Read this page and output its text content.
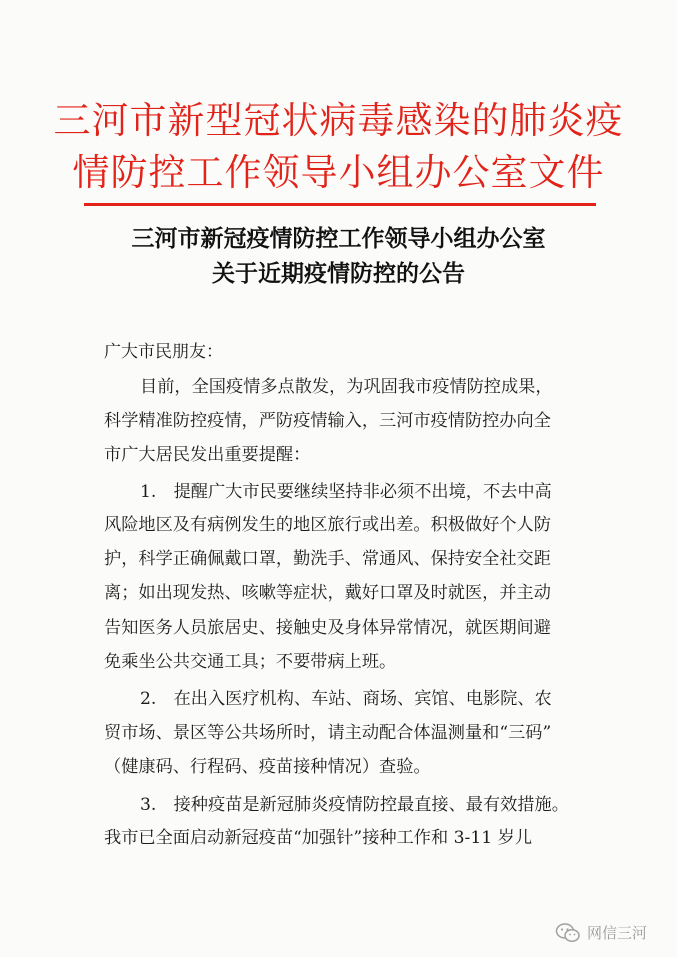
三河市新型冠状病毒感染的肺炎疫
情防控工作领导小组办公室文件
三河市新冠疫情防控工作领导小组办公室
关于近期疫情防控的公告
广大市民朋友：
目前，全国疫情多点散发，为巩固我市疫情防控成果，
科学精准防控疫情，严防疫情输入，三河市疫情防控办向全
市广大居民发出重要提醒：
1.　提醒广大市民要继续坚持非必须不出境，不去中高
风险地区及有病例发生的地区旅行或出差。积极做好个人防
护，科学正确佩戴口罩，勤洗手、常通风、保持安全社交距
离；如出现发热、咳嗽等症状，戴好口罩及时就医，并主动
告知医务人员旅居史、接触史及身体异常情况，就医期间避
免乘坐公共交通工具；不要带病上班。
2.　在出入医疗机构、车站、商场、宾馆、电影院、农
贸市场、景区等公共场所时，请主动配合体温测量和“三码”
（健康码、行程码、疫苗接种情况）查验。
3.　接种疫苗是新冠肺炎疫情防控最直接、最有效措施。
我市已全面启动新冠疫苗“加强针”接种工作和 3-11 岁儿
网信三河
